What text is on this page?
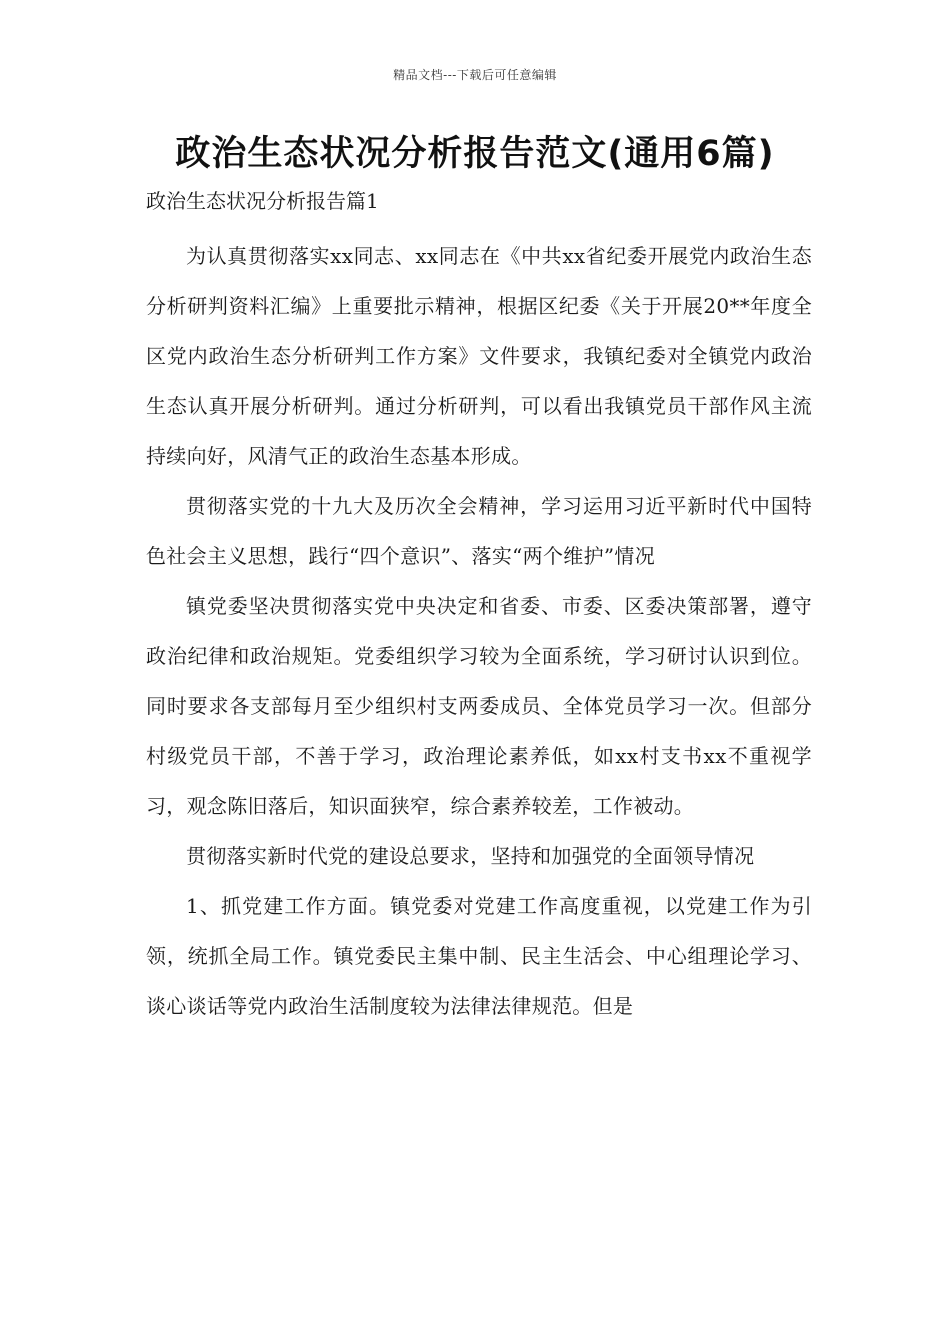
精品文档---下载后可任意编辑
政治生态状况分析报告范文(通用6篇)
政治生态状况分析报告篇1

为认真贯彻落实xx同志、xx同志在《中共xx省纪委开展党内政治生态分析研判资料汇编》上重要批示精神，根据区纪委《关于开展20**年度全区党内政治生态分析研判工作方案》文件要求，我镇纪委对全镇党内政治生态认真开展分析研判。通过分析研判，可以看出我镇党员干部作风主流持续向好，风清气正的政治生态基本形成。

贯彻落实党的十九大及历次全会精神，学习运用习近平新时代中国特色社会主义思想，践行“四个意识”、落实“两个维护”情况

镇党委坚决贯彻落实党中央决定和省委、市委、区委决策部署，遵守政治纪律和政治规矩。党委组织学习较为全面系统，学习研讨认识到位。同时要求各支部每月至少组织村支两委成员、全体党员学习一次。但部分村级党员干部，不善于学习，政治理论素养低，如xx村支书xx不重视学习，观念陈旧落后，知识面狭窄，综合素养较差，工作被动。

贯彻落实新时代党的建设总要求，坚持和加强党的全面领导情况

1、抓党建工作方面。镇党委对党建工作高度重视，以党建工作为引领，统抓全局工作。镇党委民主集中制、民主生活会、中心组理论学习、谈心谈话等党内政治生活制度较为法律法律规范。但是
